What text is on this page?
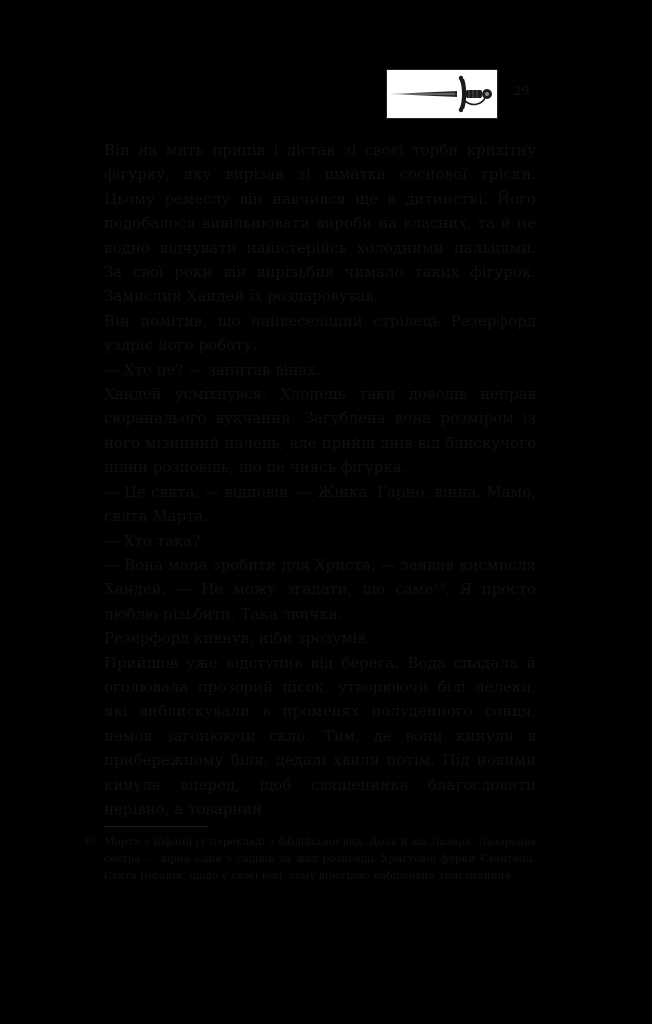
29

Він на мить припів і дістав зі своєї торби крихітну фігурку, яку вирізав зі шматка соснової тріски. Цьому ремеслу він навчився ще в дитинстві. Його подобалося вивільнювати вироби на власних, та й не водно відчувати найістерійсь холодними пальцями. За свої роки він вирізьбив чимало таких фігурок. Замислий Хандей їх роздаровував.

Він помітив, що найвеселіший стрілець Резерфорд уздріє його роботу.

— Хто це? — запитав вінах.

Хандей усміхнувся. Хлопець таки доводів неправ сюраналього вукчання. Загублена вона розміром із його мізинний палець, але прийш днів від блискучого цілий розповідь, що це чиясь фігурка.

— Це свята, — відповів. — Жінка. Гарно, вінна. Мамо, свята Марта.

— Хто така?

— Вона мала зробити для Христа, — заявив кисмисля Хандей. — Не можу згадати, що саме¹³. Я просто люблю різьбити. Така звичка.

Резерфорд кивнув, ніби зрозумів.

Прийшов уже відступив від берега. Вода спадала й оголювала прозорий пісок, утворюючи білі лелеки, які виблискували в променях полуденного сонця, немов загонюючи скло. Тим, де вони кинули в прибережному біля, дедалі хвиля потім. Під новими кинула вперед, щоб священника благословити нерівно, а товарний

13 Марта з Віфанії (у перекладі з біблійської вид. Доля й від Лазаря. Лазарьова сестра — вірна одна з свідків за жах розповідь Христової фурки Євангелії. Свята Віфанія, щодо у своєї віфі, тому вірогідно вибірковий християнина.
